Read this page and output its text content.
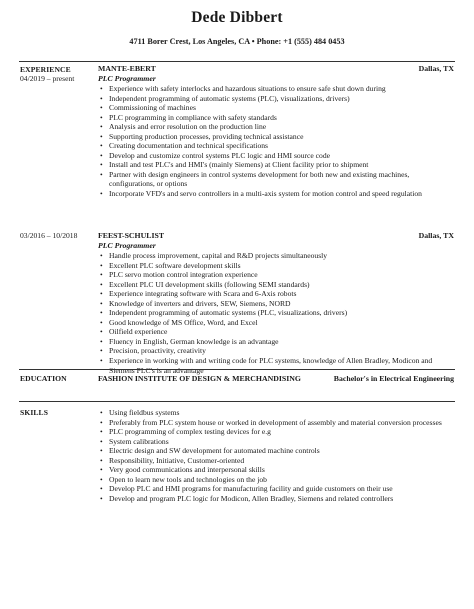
Dede Dibbert
4711 Borer Crest, Los Angeles, CA • Phone: +1 (555) 484 0453
EXPERIENCE
04/2019 – present
MANTE-EBERT	Dallas, TX
PLC Programmer
• Experience with safety interlocks and hazardous situations to ensure safe shut down during
• Independent programming of automatic systems (PLC), visualizations, drivers)
• Commissioning of machines
• PLC programming in compliance with safety standards
• Analysis and error resolution on the production line
• Supporting production processes, providing technical assistance
• Creating documentation and technical specifications
• Develop and customize control systems PLC logic and HMI source code
• Install and test PLC's and HMI's (mainly Siemens) at Client facility prior to shipment
• Partner with design engineers in control systems development for both new and existing machines, configurations, or options
• Incorporate VFD's and servo controllers in a multi-axis system for motion control and speed regulation
03/2016 – 10/2018	FEEST-SCHULIST	Dallas, TX
PLC Programmer
• Handle process improvement, capital and R&D projects simultaneously
• Excellent PLC software development skills
• PLC servo motion control integration experience
• Excellent PLC UI development skills (following SEMI standards)
• Experience integrating software with Scara and 6-Axis robots
• Knowledge of inverters and drivers, SEW, Siemens, NORD
• Independent programming of automatic systems (PLC, visualizations, drivers)
• Good knowledge of MS Office, Word, and Excel
• Oilfield experience
• Fluency in English, German knowledge is an advantage
• Precision, proactivity, creativity
• Experience in working with and writing code for PLC systems, knowledge of Allen Bradley, Modicon and Siemens PLC's is an advantage
EDUCATION	FASHION INSTITUTE OF DESIGN & MERCHANDISING	Bachelor's in Electrical Engineering
SKILLS
•	Using fieldbus systems
• Preferably from PLC system house or worked in development of assembly and material conversion processes
• PLC programming of complex testing devices for e.g
• System calibrations
• Electric design and SW development for automated machine controls
• Responsibility, Initiative, Customer-oriented
• Very good communications and interpersonal skills
• Open to learn new tools and technologies on the job
• Develop PLC and HMI programs for manufacturing facility and guide customers on their use
• Develop and program PLC logic for Modicon, Allen Bradley, Siemens and related controllers
